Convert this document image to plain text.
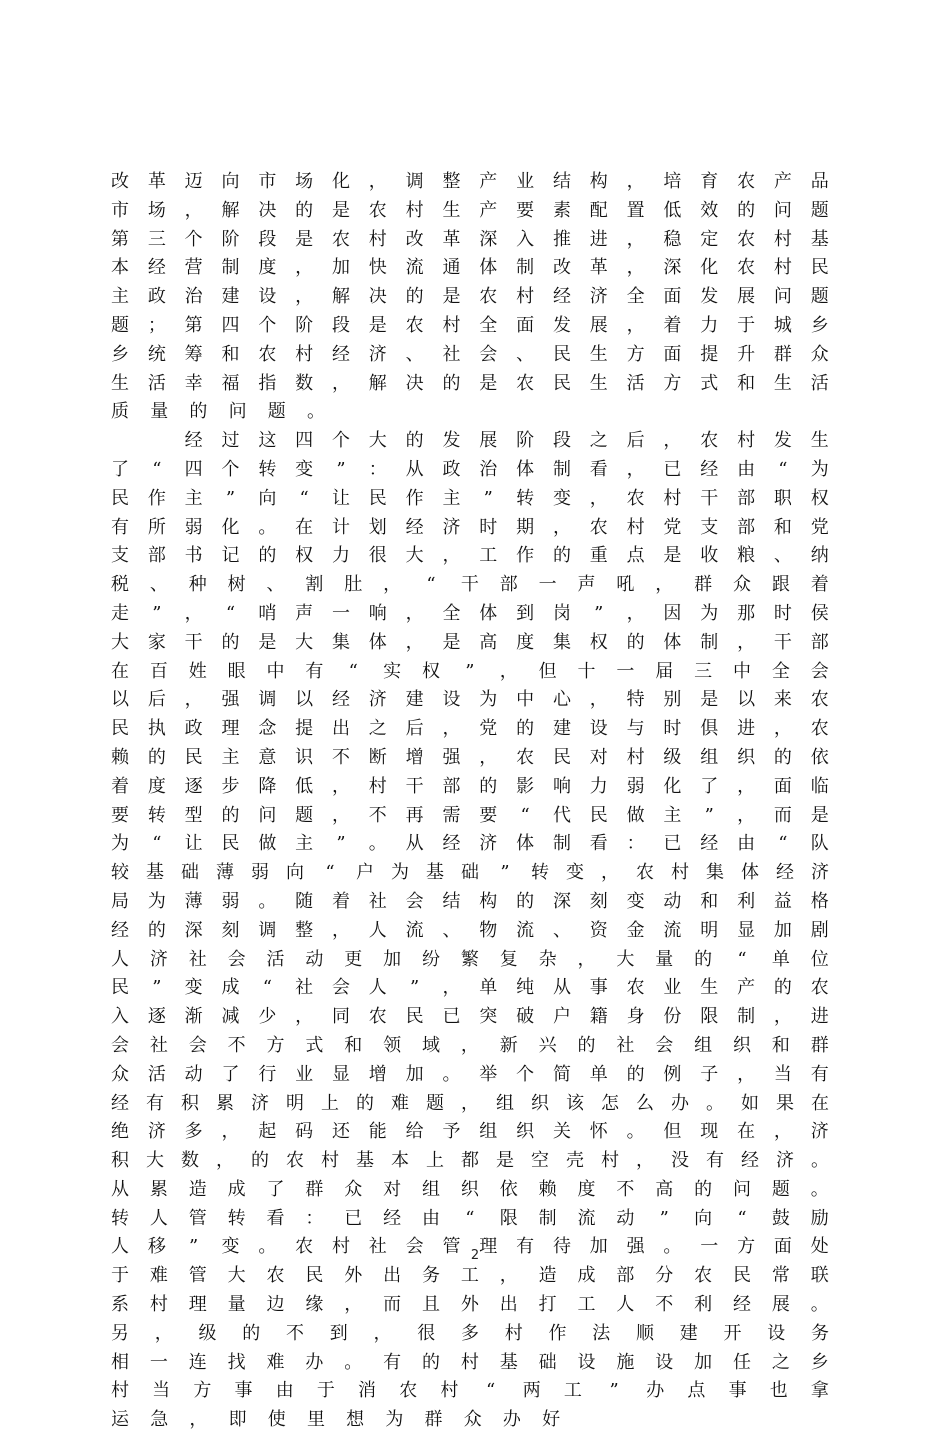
改 革 迈 向 市 场 化 ， 调 整 产 业 结 构 ， 培 育 农 产 品
市 场 ， 解 决 的 是 农 村 生 产 要 素 配 置 低 效 的 问 题
第 三 个 阶 段 是 农 村 改 革 深 入 推 进 ， 稳 定 农 村 基
本 经 营 制 度 ， 加 快 流 通 体 制 改 革 ， 深 化 农 村 民
主 政 治 建 设 ， 解 决 的 是 农 村 经 济 全 面 发 展 问 题
题 ； 第 四 个 阶 段 是 农 村 全 面 发 展 ， 着 力 于 城 乡
乡 统 筹 和 农 村 经 济 、 社 会 、 民 生 方 面 提 升 群 众
生 活 幸 福 指 数 ， 解 决 的 是 农 民 生 活 方 式 和 生 活
质 量 的 问 题 。

经 过 这 四 个 大 的 发 展 阶 段 之 后 ， 农 村 发 生
了 “	四 个 转 变 ”	： 从 政 治 体 制 看 ， 已 经 由 “	为
民 作 主 ”	向 “	让 民 作 主 ”	转 变 ， 农 村 干 部 职 权
有 所 弱 化 。 在 计 划 经 济 时 期 ， 农 村 党 支 部 和 党
支 部 书 记 的 权 力 很 大 ， 工 作 的 重 点 是 收 粮 、 纳
税 、 种 树 、 割 肚 ， “	干 部 一 声 吼 ， 群 众 跟 着
走 ”	， “	哨 声 一 响 ， 全 体 到 岗 ”	， 因 为 那 时 侯
大 家 干 的 是 大 集 体 ， 是 高 度 集 权 的 体 制 ， 干 部
在 百 姓 眼 中 有 “	实 权 ”	， 但 十 一 届 三 中 全 会
以 后 ， 强 调 以 经 济 建 设 为 中 心 ， 特 别 是 以 来 农
民 执 政 理 念 提 出 之 后 ， 党 的 建 设 与 时 俱 进 ， 农
赖 的 民 主 意 识 不 断 增 强 ， 农 民 对 村 级 组 织 的 依
着 度 逐 步 降 低 ， 村 干 部 的 影 响 力 弱 化 了 ， 面 临
要 转 型 的 问 题 ， 不 再 需 要 “	代 民 做 主 ”	， 而 是
为 “	让 民 做 主 ”	。 从 经 济 体 制 看 ： 已 经 由 “	队
较 基 础 薄 弱 向 “	户 为 基 础 ”	转 变 ， 农 村 集 体 经 济
局 为 薄 弱 。 随 着 社 会 结 构 的 深 刻 变 动 和 利 益 格
经 的 深 刻 调 整 ， 人 流 、 物 流 、 资 金 流 明 显 加 剧
人 济 社 会 活 动 更 加 纷 繁 复 杂 ， 大 量 的 “	单 位
民 ”	变 成 “	社 会 人 ”	， 单 纯 从 事 农 业 生 产 的 农
入 逐 渐 减 少 ， 同 农 民 已 突 破 户 籍 身 份 限 制 ， 进
会 社 会 不 方 式 和 领 域 ， 新 兴 的 社 会 组 织 和 群
众 活 动 了 行 业 显 增 加 。 举 个 简 单 的 例 子 ， 当 有
经 有 积 累 济 明 上 的 难 题 ， 组 织 该 怎 么 办 。 如 果 在
绝 济 多 ， 起 码 还 能 给 予 组 织 关 怀 。 但 现 在 ， 济
积 大 数 ， 的 农 村 基 本 上 都 是 空 壳 村 ， 没 有 经 济 。
从 累 造 成 了 群 众 对 组 织 依 赖 度 不 高 的 问 题 。
转 人 管 转 看 ： 已 经 由 “	限 制 流 动 ”	向 “	鼓 励
人 移 ”	变 。 农 村 社 会 管 理 有 待 加 强 。 一 方 面 处
于 难 管 大 农 民 外 出 务 工 ， 造 成 部 分 农 民 常 联
系 村 理 量 边 缘 ， 而 且 外 出 打 工 人 不 利 经 展 。
另 ， 级 的 不 到 ， 很 多 村 作 法 顺 建 开 设 务
相 一 连 找 难 办 。 有 的 村 基 础 设 施 设 加 任 之 乡
村 当 方 事 由 于 消 农 村 “	两 工 ”	办 点 事 也 拿
运 急 ， 即 使 里 想 为 群 众 办 好
2
